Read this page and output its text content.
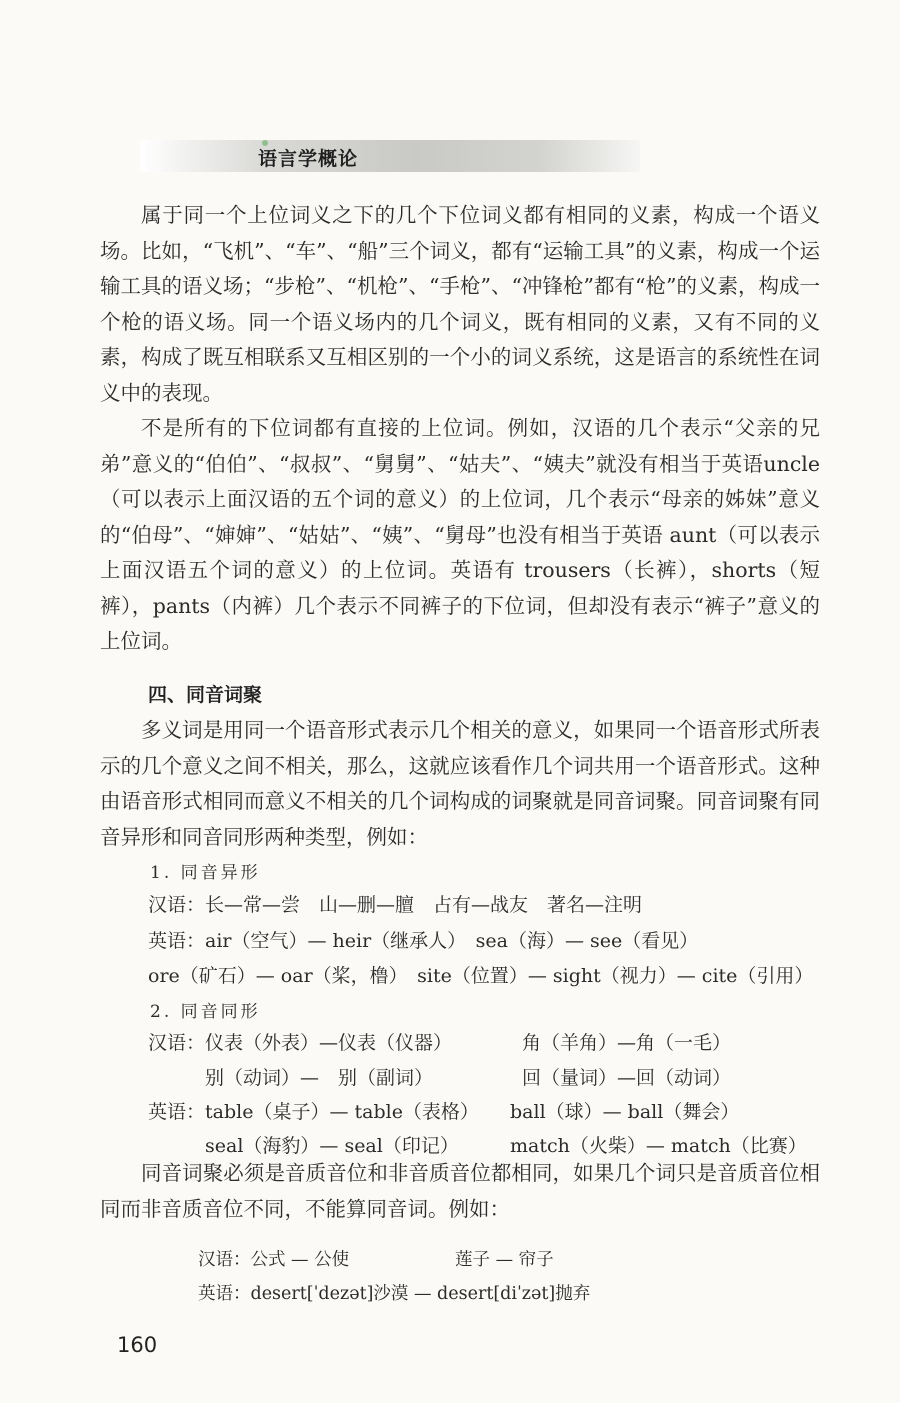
语言学概论

属于同一个上位词义之下的几个下位词义都有相同的义素，构成一个语义场。比如，“飞机”、“车”、“船”三个词义，都有“运输工具”的义素，构成一个运输工具的语义场；“步枪”、“机枪”、“手枪”、“冲锋枪”都有“枪”的义素，构成一个枪的语义场。同一个语义场内的几个词义，既有相同的义素，又有不同的义素，构成了既互相联系又互相区别的一个小的词义系统，这是语言的系统性在词义中的表现。

不是所有的下位词都有直接的上位词。例如，汉语的几个表示“父亲的兄弟”意义的“伯伯”、“叔叔”、“舅舅”、“姑夫”、“姨夫”就没有相当于英语uncle（可以表示上面汉语的五个词的意义）的上位词，几个表示“母亲的姊妹”意义的“伯母”、“婶婶”、“姑姑”、“姨”、“舅母”也没有相当于英语 aunt（可以表示上面汉语五个词的意义）的上位词。英语有 trousers（长裤），shorts（短裤），pants（内裤）几个表示不同裤子的下位词，但却没有表示“裤子”意义的上位词。

四、同音词聚

多义词是用同一个语音形式表示几个相关的意义，如果同一个语音形式所表示的几个意义之间不相关，那么，这就应该看作几个词共用一个语音形式。这种由语音形式相同而意义不相关的几个词构成的词聚就是同音词聚。同音词聚有同音异形和同音同形两种类型，例如：

1. 同音异形
汉语：长—常—尝　山—删—膻　占有—战友　著名—注明
英语：air（空气）— heir（继承人）　sea（海）— see（看见）
ore（矿石）— oar（桨，橹）　site（位置）— sight（视力）— cite（引用）
2. 同音同形
汉语：仪表（外表）—仪表（仪器）	角（羊角）—角（一毛）
别（动词）—　别（副词）	回（量词）—回（动词）
英语：table（桌子）— table（表格） ball（球）— ball（舞会）
seal（海豹）— seal（印记）	match（火柴）— match（比赛）

同音词聚必须是音质音位和非音质音位都相同，如果几个词只是音质音位相同而非音质音位不同，不能算同音词。例如：

汉语：公式 — 公使	莲子 — 帘子
英语：desert[ˈdezət]沙漠 — desert[diˈzət]抛弃
160
